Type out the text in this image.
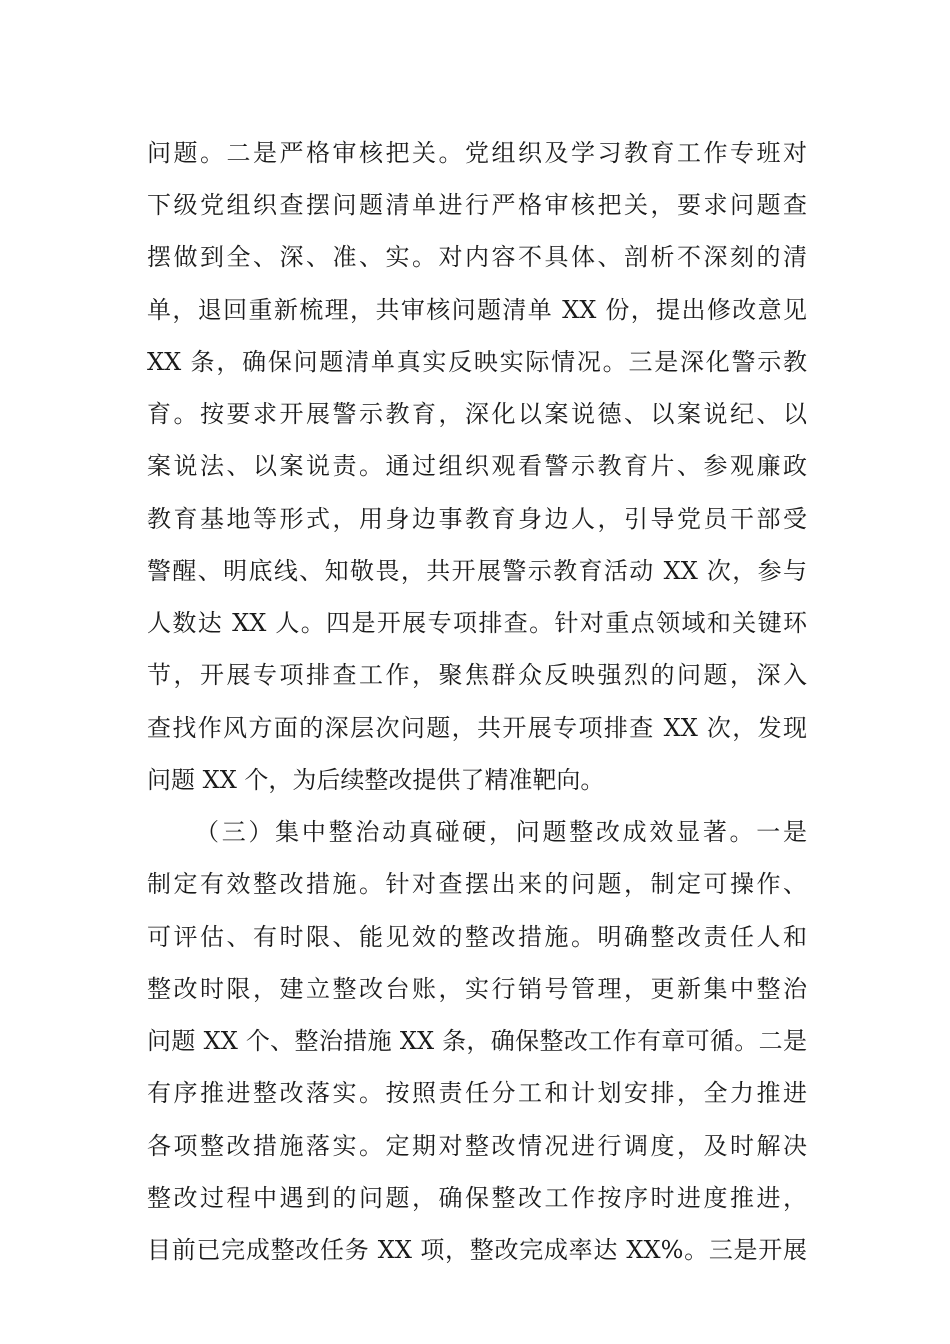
问题。二是严格审核把关。党组织及学习教育工作专班对
下级党组织查摆问题清单进行严格审核把关，要求问题查
摆做到全、深、准、实。对内容不具体、剖析不深刻的清
单，退回重新梳理，共审核问题清单 XX 份，提出修改意见
XX 条，确保问题清单真实反映实际情况。三是深化警示教
育。按要求开展警示教育，深化以案说德、以案说纪、以
案说法、以案说责。通过组织观看警示教育片、参观廉政
教育基地等形式，用身边事教育身边人，引导党员干部受
警醒、明底线、知敬畏，共开展警示教育活动 XX 次，参与
人数达 XX 人。四是开展专项排查。针对重点领域和关键环
节，开展专项排查工作，聚焦群众反映强烈的问题，深入
查找作风方面的深层次问题，共开展专项排查 XX 次，发现
问题 XX 个，为后续整改提供了精准靶向。
（三）集中整治动真碰硬，问题整改成效显著。一是
制定有效整改措施。针对查摆出来的问题，制定可操作、
可评估、有时限、能见效的整改措施。明确整改责任人和
整改时限，建立整改台账，实行销号管理，更新集中整治
问题 XX 个、整治措施 XX 条，确保整改工作有章可循。二是
有序推进整改落实。按照责任分工和计划安排，全力推进
各项整改措施落实。定期对整改情况进行调度，及时解决
整改过程中遇到的问题，确保整改工作按序时进度推进，
目前已完成整改任务 XX 项，整改完成率达 XX%。三是开展
